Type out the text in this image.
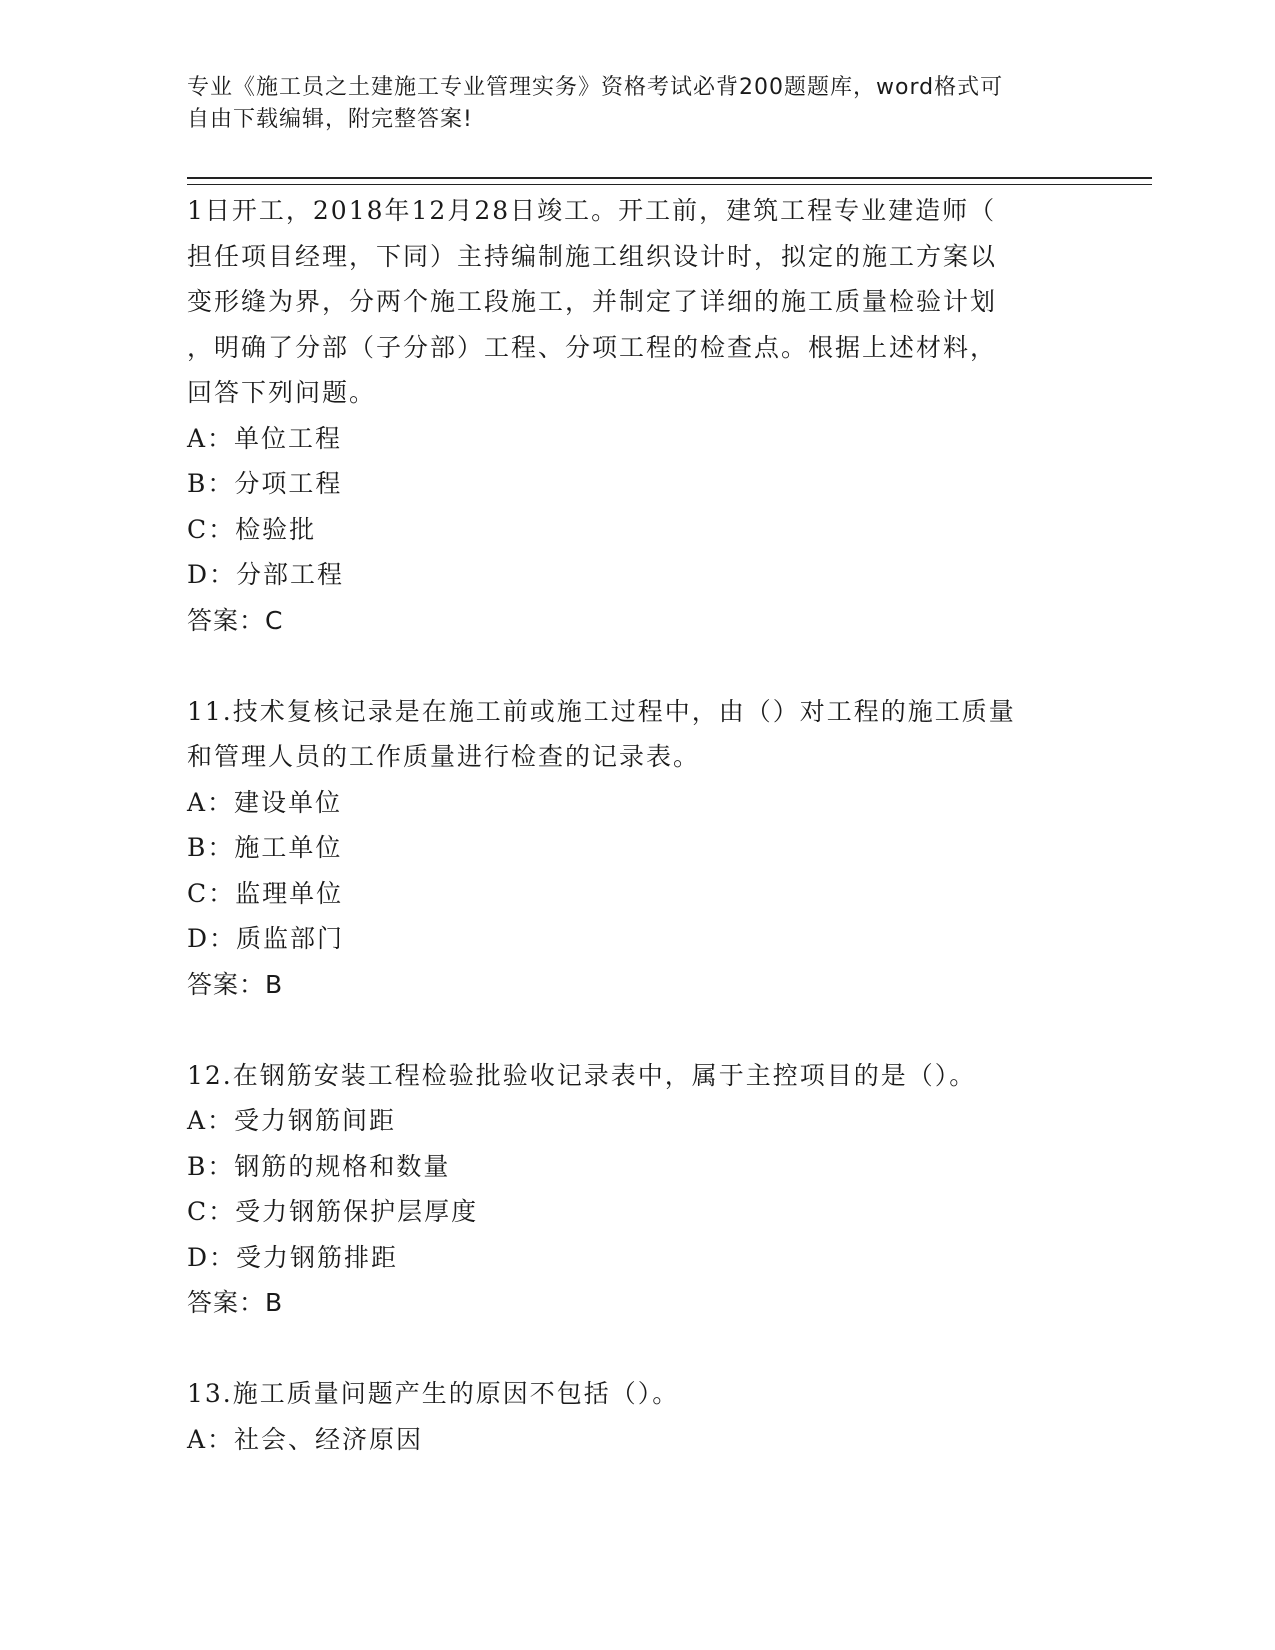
专业《施工员之土建施工专业管理实务》资格考试必背200题题库，word格式可
自由下载编辑，附完整答案!
1日开工，2018年12月28日竣工。开工前，建筑工程专业建造师（
担任项目经理，下同）主持编制施工组织设计时，拟定的施工方案以
变形缝为界，分两个施工段施工，并制定了详细的施工质量检验计划
，明确了分部（子分部）工程、分项工程的检查点。根据上述材料，
回答下列问题。
A：单位工程
B：分项工程
C：检验批
D：分部工程
答案：C
11.技术复核记录是在施工前或施工过程中，由（）对工程的施工质量
和管理人员的工作质量进行检查的记录表。
A：建设单位
B：施工单位
C：监理单位
D：质监部门
答案：B
12.在钢筋安装工程检验批验收记录表中，属于主控项目的是（）。
A：受力钢筋间距
B：钢筋的规格和数量
C：受力钢筋保护层厚度
D：受力钢筋排距
答案：B
13.施工质量问题产生的原因不包括（）。
A：社会、经济原因
